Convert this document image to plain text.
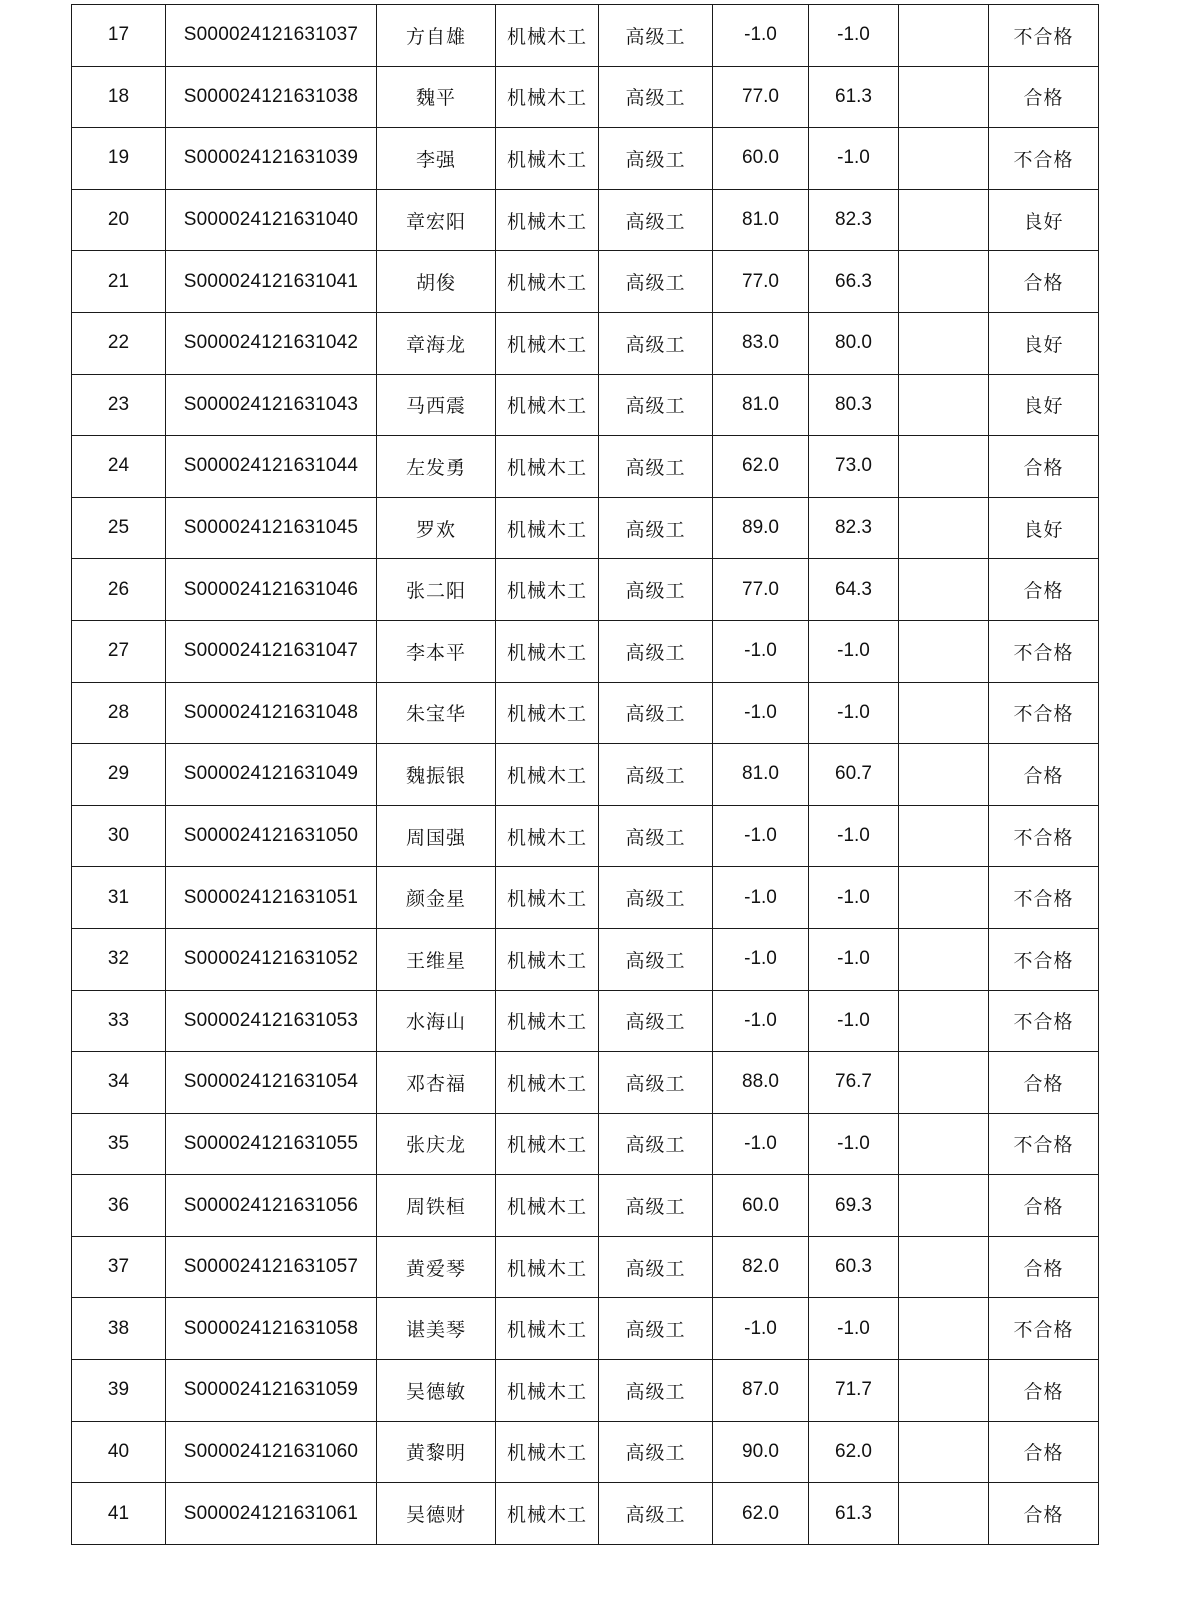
17	S000024121631037	方自雄	机械木工	高级工	-1.0	-1.0		不合格
18	S000024121631038	魏平	机械木工	高级工	77.0	61.3		合格
19	S000024121631039	李强	机械木工	高级工	60.0	-1.0		不合格
20	S000024121631040	章宏阳	机械木工	高级工	81.0	82.3		良好
21	S000024121631041	胡俊	机械木工	高级工	77.0	66.3		合格
22	S000024121631042	章海龙	机械木工	高级工	83.0	80.0		良好
23	S000024121631043	马西震	机械木工	高级工	81.0	80.3		良好
24	S000024121631044	左发勇	机械木工	高级工	62.0	73.0		合格
25	S000024121631045	罗欢	机械木工	高级工	89.0	82.3		良好
26	S000024121631046	张二阳	机械木工	高级工	77.0	64.3		合格
27	S000024121631047	李本平	机械木工	高级工	-1.0	-1.0		不合格
28	S000024121631048	朱宝华	机械木工	高级工	-1.0	-1.0		不合格
29	S000024121631049	魏振银	机械木工	高级工	81.0	60.7		合格
30	S000024121631050	周国强	机械木工	高级工	-1.0	-1.0		不合格
31	S000024121631051	颜金星	机械木工	高级工	-1.0	-1.0		不合格
32	S000024121631052	王维星	机械木工	高级工	-1.0	-1.0		不合格
33	S000024121631053	水海山	机械木工	高级工	-1.0	-1.0		不合格
34	S000024121631054	邓杏福	机械木工	高级工	88.0	76.7		合格
35	S000024121631055	张庆龙	机械木工	高级工	-1.0	-1.0		不合格
36	S000024121631056	周铁桓	机械木工	高级工	60.0	69.3		合格
37	S000024121631057	黄爱琴	机械木工	高级工	82.0	60.3		合格
38	S000024121631058	谌美琴	机械木工	高级工	-1.0	-1.0		不合格
39	S000024121631059	吴德敏	机械木工	高级工	87.0	71.7		合格
40	S000024121631060	黄黎明	机械木工	高级工	90.0	62.0		合格
41	S000024121631061	吴德财	机械木工	高级工	62.0	61.3		合格
